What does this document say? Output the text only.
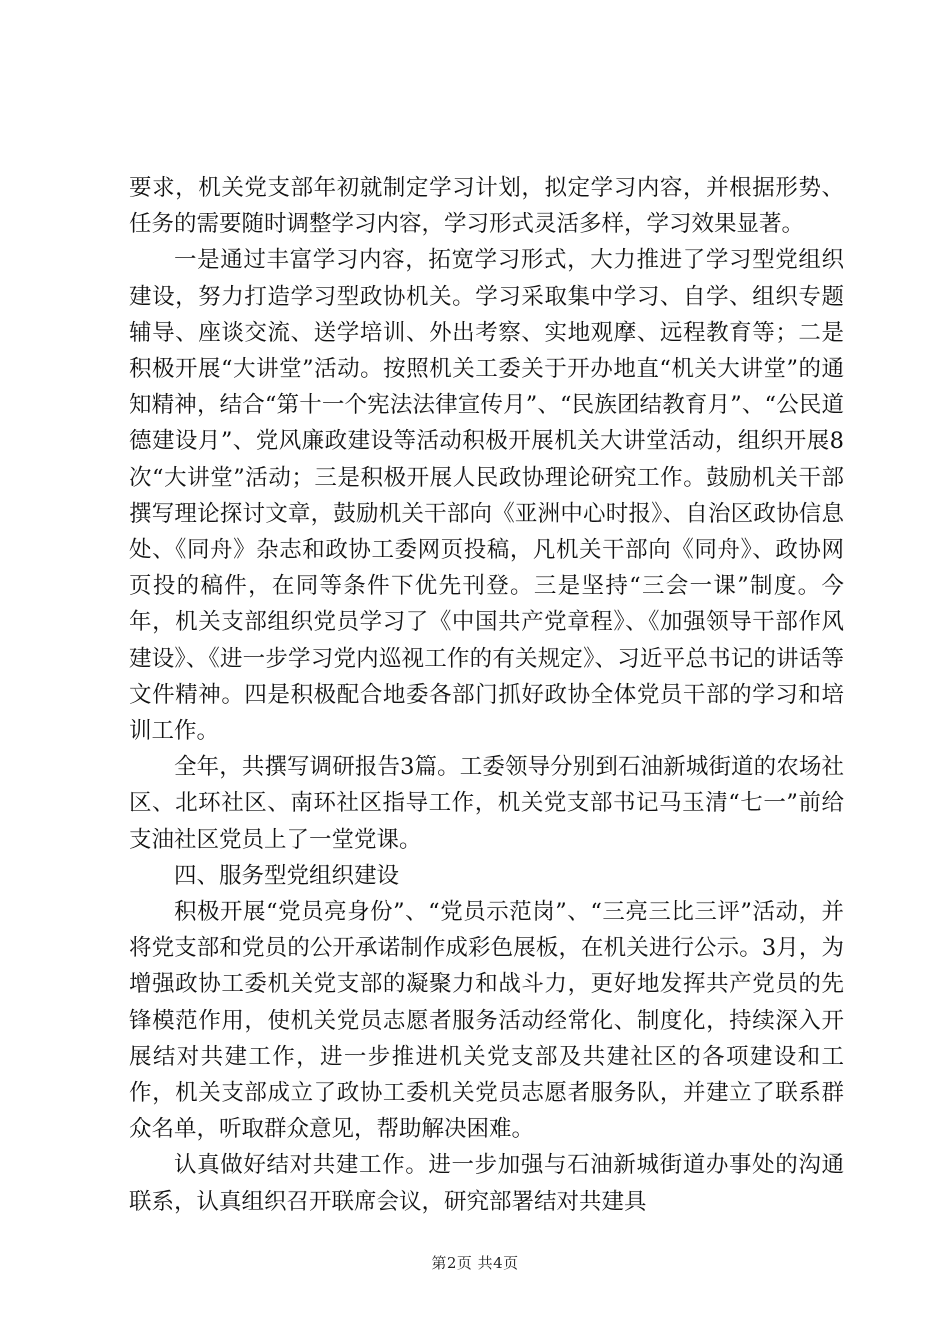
要求，机关党支部年初就制定学习计划，拟定学习内容，并根据形势、任务的需要随时调整学习内容，学习形式灵活多样，学习效果显著。

一是通过丰富学习内容，拓宽学习形式，大力推进了学习型党组织建设，努力打造学习型政协机关。学习采取集中学习、自学、组织专题辅导、座谈交流、送学培训、外出考察、实地观摩、远程教育等；二是积极开展“大讲堂”活动。按照机关工委关于开办地直“机关大讲堂”的通知精神，结合“第十一个宪法法律宣传月”、“民族团结教育月”、“公民道德建设月”、党风廉政建设等活动积极开展机关大讲堂活动，组织开展8次“大讲堂”活动；三是积极开展人民政协理论研究工作。鼓励机关干部撰写理论探讨文章，鼓励机关干部向《亚洲中心时报》、自治区政协信息处、《同舟》杂志和政协工委网页投稿，凡机关干部向《同舟》、政协网页投的稿件，在同等条件下优先刊登。三是坚持“三会一课”制度。今年，机关支部组织党员学习了《中国共产党章程》、《加强领导干部作风建设》、《进一步学习党内巡视工作的有关规定》、习近平总书记的讲话等文件精神。四是积极配合地委各部门抓好政协全体党员干部的学习和培训工作。

全年，共撰写调研报告3篇。工委领导分别到石油新城街道的农场社区、北环社区、南环社区指导工作，机关党支部书记马玉清“七一”前给支油社区党员上了一堂党课。

四、服务型党组织建设

积极开展“党员亮身份”、“党员示范岗”、“三亮三比三评”活动，并将党支部和党员的公开承诺制作成彩色展板，在机关进行公示。3月，为增强政协工委机关党支部的凝聚力和战斗力，更好地发挥共产党员的先锋模范作用，使机关党员志愿者服务活动经常化、制度化，持续深入开展结对共建工作，进一步推进机关党支部及共建社区的各项建设和工作，机关支部成立了政协工委机关党员志愿者服务队，并建立了联系群众名单，听取群众意见，帮助解决困难。

认真做好结对共建工作。进一步加强与石油新城街道办事处的沟通联系，认真组织召开联席会议，研究部署结对共建具

第2页 共4页
